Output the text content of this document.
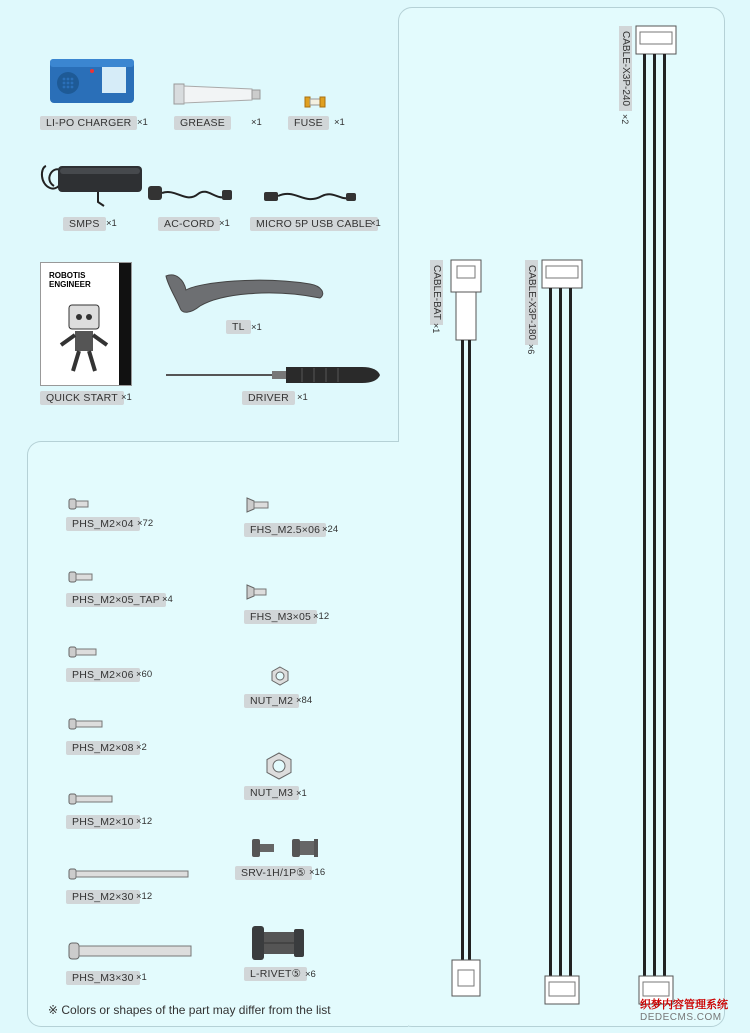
LI-PO CHARGER ×1	GREASE	×1	FUSE	×1
SMPS ×1	AC-CORD ×1	MICRO 5P USB CABLE
×1
ROBOTIS
ENGINEER
QUICK START ×1
TL ×1
DRIVER ×1
CABLE-BAT
×1	CABLE-X3P-180
×6
CABLE-X3P-240
×2
PHS_M2×04 ×72
PHS_M2×05_TAP ×4
PHS_M2×06 ×60
PHS_M2×08 ×2
PHS_M2×10 ×12
PHS_M2×30 ×12
PHS_M3×30 ×1
FHS_M2.5×06 ×24
FHS_M3×05 ×12
NUT_M2 ×84
NUT_M3 ×1
SRV-1H/1P⑤ ×16
L-RIVET⑤ ×6
※ Colors or shapes of the part may differ from the list	织梦内容管理系统
DEDECMS.COM
